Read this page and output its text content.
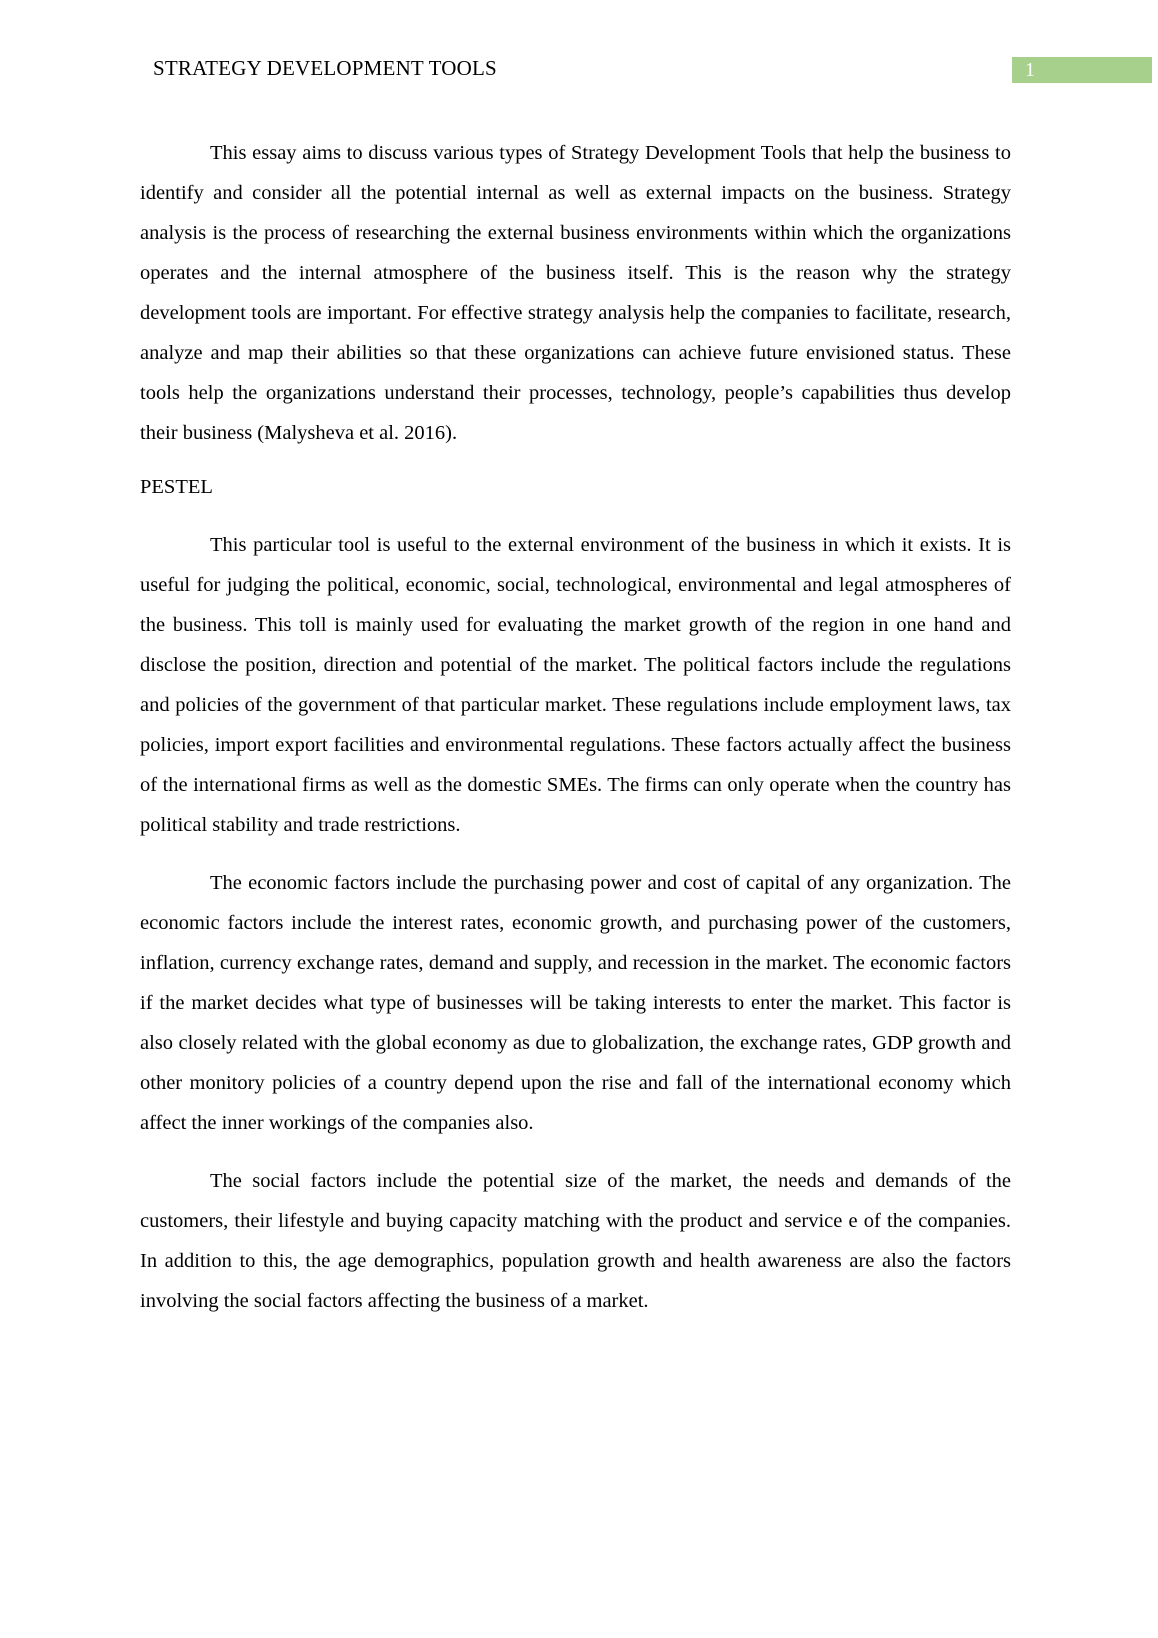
STRATEGY DEVELOPMENT TOOLS	1

This essay aims to discuss various types of Strategy Development Tools that help the business to identify and consider all the potential internal as well as external impacts on the business. Strategy analysis is the process of researching the external business environments within which the organizations operates and the internal atmosphere of the business itself. This is the reason why the strategy development tools are important. For effective strategy analysis help the companies to facilitate, research, analyze and map their abilities so that these organizations can achieve future envisioned status. These tools help the organizations understand their processes, technology, people’s capabilities thus develop their business (Malysheva et al. 2016).

PESTEL

This particular tool is useful to the external environment of the business in which it exists. It is useful for judging the political, economic, social, technological, environmental and legal atmospheres of the business. This toll is mainly used for evaluating the market growth of the region in one hand and disclose the position, direction and potential of the market. The political factors include the regulations and policies of the government of that particular market. These regulations include employment laws, tax policies, import export facilities and environmental regulations. These factors actually affect the business of the international firms as well as the domestic SMEs. The firms can only operate when the country has political stability and trade restrictions.

The economic factors include the purchasing power and cost of capital of any organization. The economic factors include the interest rates, economic growth, and purchasing power of the customers, inflation, currency exchange rates, demand and supply, and recession in the market. The economic factors if the market decides what type of businesses will be taking interests to enter the market. This factor is also closely related with the global economy as due to globalization, the exchange rates, GDP growth and other monitory policies of a country depend upon the rise and fall of the international economy which affect the inner workings of the companies also.

The social factors include the potential size of the market, the needs and demands of the customers, their lifestyle and buying capacity matching with the product and service e of the companies. In addition to this, the age demographics, population growth and health awareness are also the factors involving the social factors affecting the business of a market.
